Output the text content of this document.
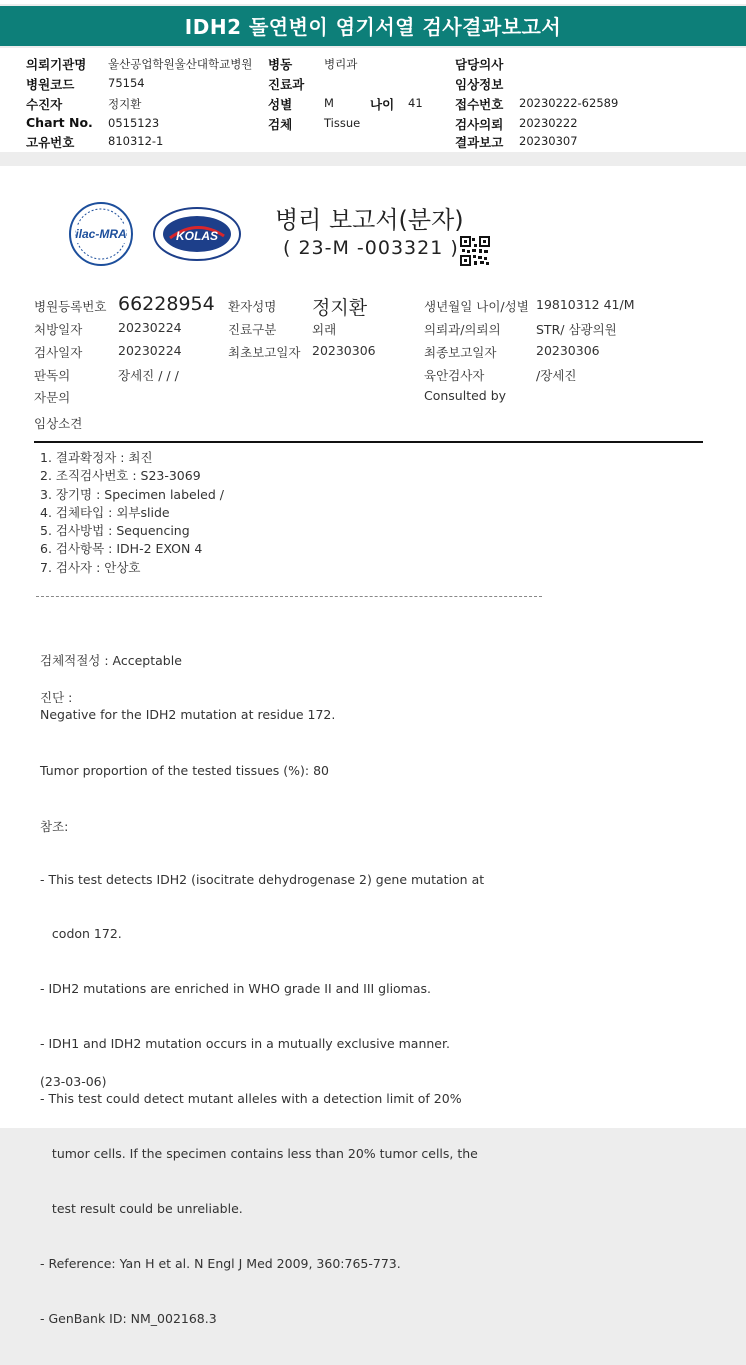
IDH2 돌연변이 염기서열 검사결과보고서
의뢰기관명 울산공업학원울산대학교병원 병동	병리과	담당의사
병원코드	75154	진료과	임상정보
수진자	정지환	성별	M	나이 41	접수번호 20230222-62589
Chart No. 0515123	검체	Tissue	검사의뢰 20230222
고유번호	810312-1	결과보고 20230307
ilac-MRA	KOLAS
병리 보고서(분자)
( 23-M -003321 )
병원등록번호 66228954 환자성명 정지환	생년월일 나이/성별 19810312 41/M
처방일자	20230224	진료구분	외래	의뢰과/의뢰의	STR/ 삼광의원
검사일자	20230224	최초보고일자 20230306	최종보고일자	20230306
판독의	장세진 / / /	육안검사자	/장세진
자문의	Consulted by
임상소견
1. 결과확정자 : 최진
2. 조직검사번호 : S23-3069
3. 장기명 : Specimen labeled /
4. 검체타입 : 외부slide
5. 검사방법 : Sequencing
6. 검사항목 : IDH-2 EXON 4
7. 검사자 : 안상호
검체적절성 : Acceptable
진단 :
Negative for the IDH2 mutation at residue 172.
Tumor proportion of the tested tissues (%): 80
참조:

- This test detects IDH2 (isocitrate dehydrogenase 2) gene mutation at

codon 172.

- IDH2 mutations are enriched in WHO grade II and III gliomas.

- IDH1 and IDH2 mutation occurs in a mutually exclusive manner.

- This test could detect mutant alleles with a detection limit of 20%

tumor cells. If the specimen contains less than 20% tumor cells, the

test result could be unreliable.

- Reference: Yan H et al. N Engl J Med 2009, 360:765-773.

- GenBank ID: NM_002168.3

(23-03-06)
